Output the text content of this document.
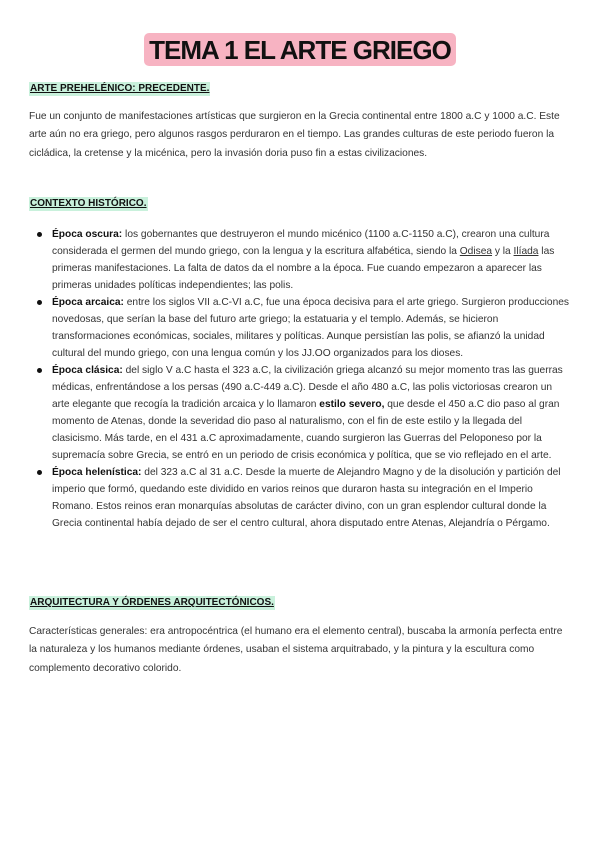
TEMA 1 EL ARTE GRIEGO
ARTE PREHELÉNICO: PRECEDENTE.

Fue un conjunto de manifestaciones artísticas que surgieron en la Grecia continental entre 1800 a.C y 1000 a.C. Este arte aún no era griego, pero algunos rasgos perduraron en el tiempo. Las grandes culturas de este periodo fueron la cicládica, la cretense y la micénica, pero la invasión doria puso fin a estas civilizaciones.

CONTEXTO HISTÓRICO.
Época oscura: los gobernantes que destruyeron el mundo micénico (1100 a.C-1150 a.C), crearon una cultura considerada el germen del mundo griego, con la lengua y la escritura alfabética, siendo la Odisea y la Ilíada las primeras manifestaciones. La falta de datos da el nombre a la época. Fue cuando empezaron a aparecer las primeras unidades políticas independientes; las polis.
Época arcaica: entre los siglos VII a.C-VI a.C, fue una época decisiva para el arte griego. Surgieron producciones novedosas, que serían la base del futuro arte griego; la estatuaria y el templo. Además, se hicieron transformaciones económicas, sociales, militares y políticas. Aunque persistían las polis, se afianzó la unidad cultural del mundo griego, con una lengua común y los JJ.OO organizados para los dioses.
Época clásica: del siglo V a.C hasta el 323 a.C, la civilización griega alcanzó su mejor momento tras las guerras médicas, enfrentándose a los persas (490 a.C-449 a.C). Desde el año 480 a.C, las polis victoriosas crearon un arte elegante que recogía la tradición arcaica y lo llamaron estilo severo, que desde el 450 a.C dio paso al gran momento de Atenas, donde la severidad dio paso al naturalismo, con el fin de este estilo y la llegada del clasicismo. Más tarde, en el 431 a.C aproximadamente, cuando surgieron las Guerras del Peloponeso por la supremacía sobre Grecia, se entró en un periodo de crisis económica y política, que se vio reflejado en el arte.
Época helenística: del 323 a.C al 31 a.C. Desde la muerte de Alejandro Magno y de la disolución y partición del imperio que formó, quedando este dividido en varios reinos que duraron hasta su integración en el Imperio Romano. Estos reinos eran monarquías absolutas de carácter divino, con un gran esplendor cultural donde la Grecia continental había dejado de ser el centro cultural, ahora disputado entre Atenas, Alejandría o Pérgamo.
ARQUITECTURA Y ÓRDENES ARQUITECTÓNICOS.

Características generales: era antropocéntrica (el humano era el elemento central), buscaba la armonía perfecta entre la naturaleza y los humanos mediante órdenes, usaban el sistema arquitrabado, y la pintura y la escultura como complemento decorativo colorido.
